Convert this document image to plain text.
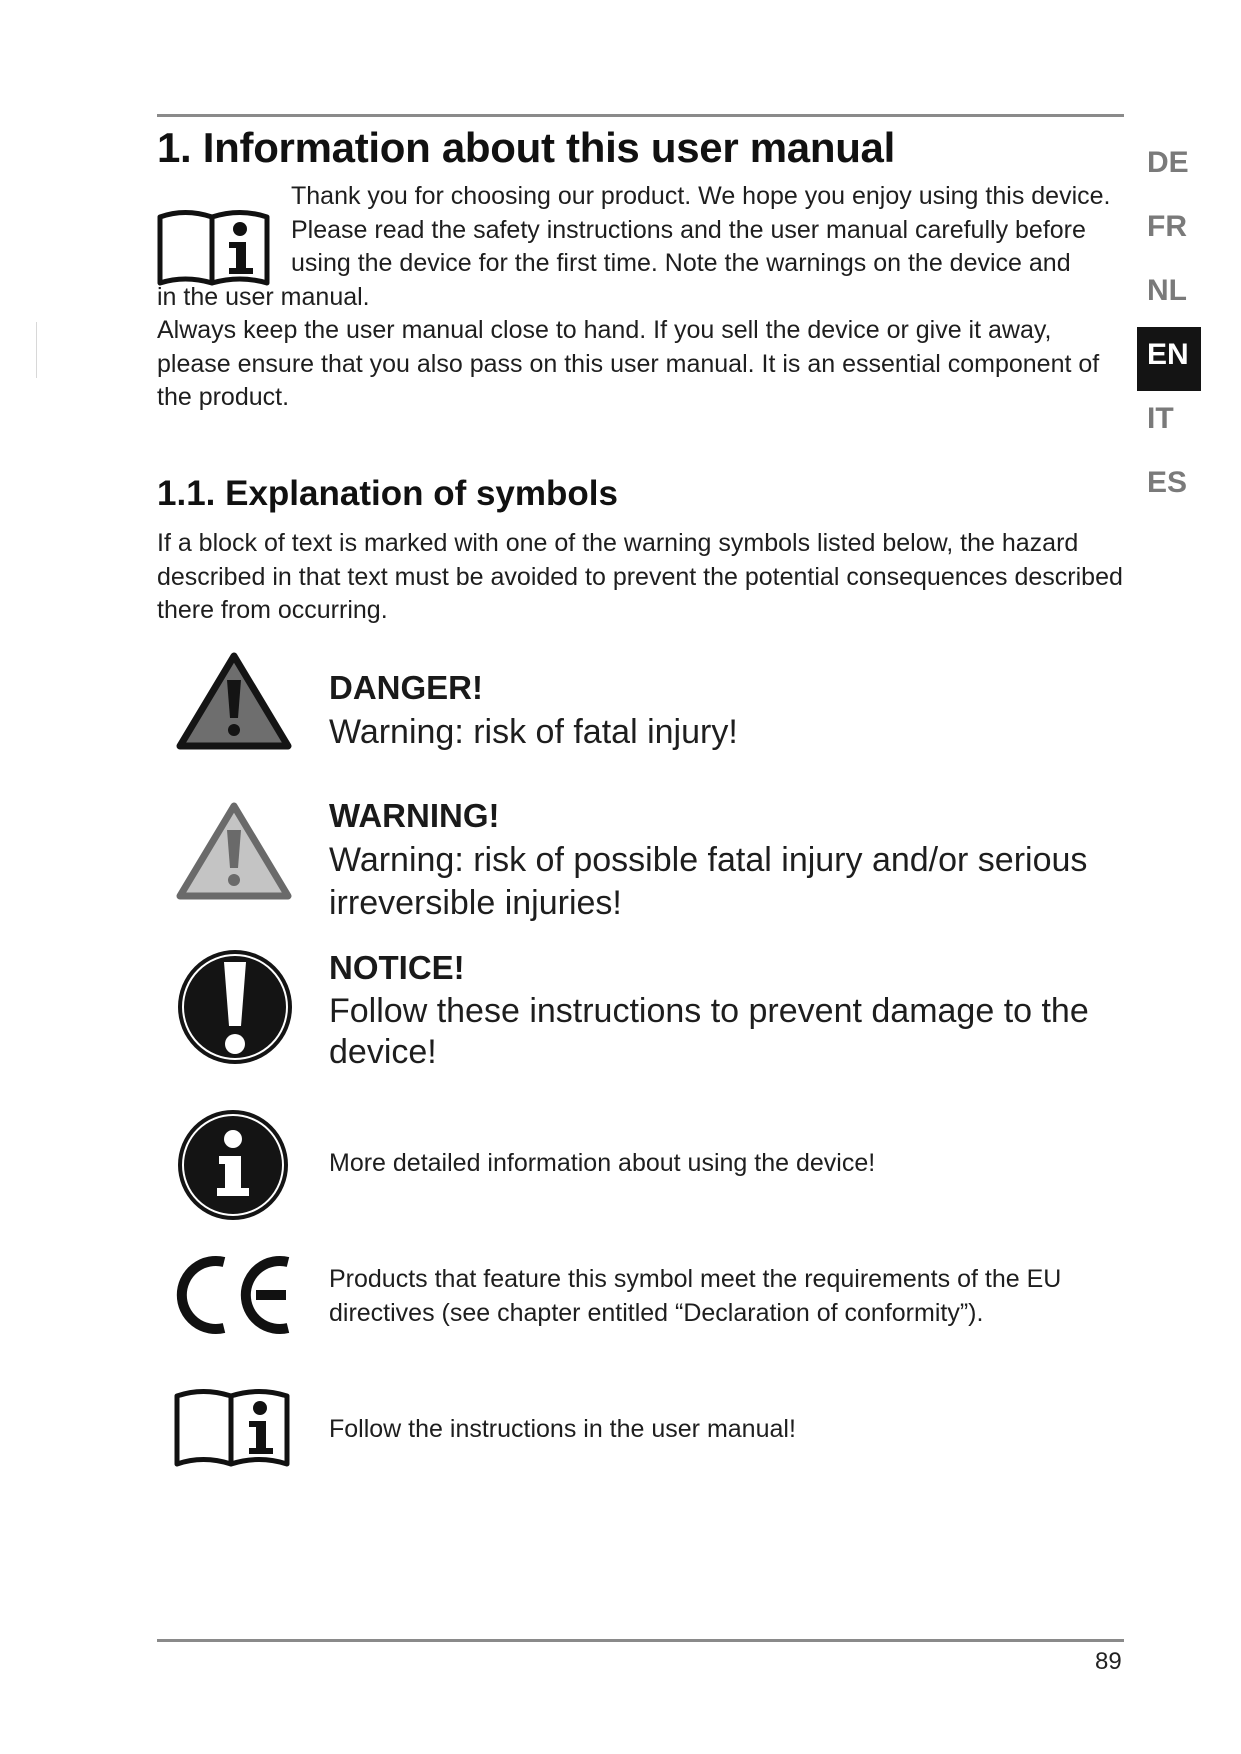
1. Information about this user manual
Thank you for choosing our product. We hope you enjoy using this device.
Please read the safety instructions and the user manual carefully before using the device for the first time. Note the warnings on the device and
in the user manual.
Always keep the user manual close to hand. If you sell the device or give it away, please ensure that you also pass on this user manual. It is an essential component of the product.
1.1. Explanation of symbols
If a block of text is marked with one of the warning symbols listed below, the hazard described in that text must be avoided to prevent the potential consequences described there from occurring.

DANGER!

Warning: risk of fatal injury!

WARNING!

Warning: risk of possible fatal injury and/or serious irreversible injuries!

NOTICE!

Follow these instructions to prevent damage to the device!

More detailed information about using the device!

Products that feature this symbol meet the requirements of the EU directives (see chapter entitled “Declaration of conformity”).

Follow the instructions in the user manual!

DE
FR
NL
EN
IT
ES
89
